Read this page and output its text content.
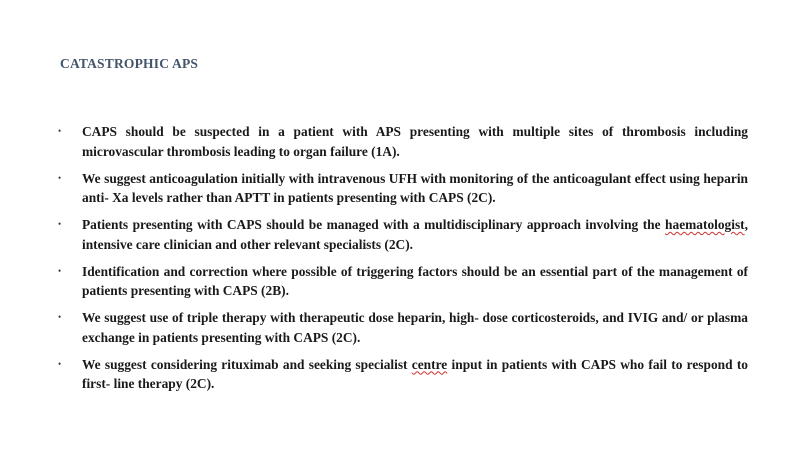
CATASTROPHIC APS
• CAPS should be suspected in a patient with APS presenting with multiple sites of thrombosis including microvascular thrombosis leading to organ failure (1A).
• We suggest anticoagulation initially with intravenous UFH with monitoring of the anticoagulant effect using heparin anti- Xa levels rather than APTT in patients presenting with CAPS (2C).
• Patients presenting with CAPS should be managed with a multidisciplinary approach involving the haematologist, intensive care clinician and other relevant specialists (2C).
• Identification and correction where possible of triggering factors should be an essential part of the management of patients presenting with CAPS (2B).
• We suggest use of triple therapy with therapeutic dose heparin, high- dose corticosteroids, and IVIG and/ or plasma exchange in patients presenting with CAPS (2C).
• We suggest considering rituximab and seeking specialist centre input in patients with CAPS who fail to respond to first- line therapy (2C).
